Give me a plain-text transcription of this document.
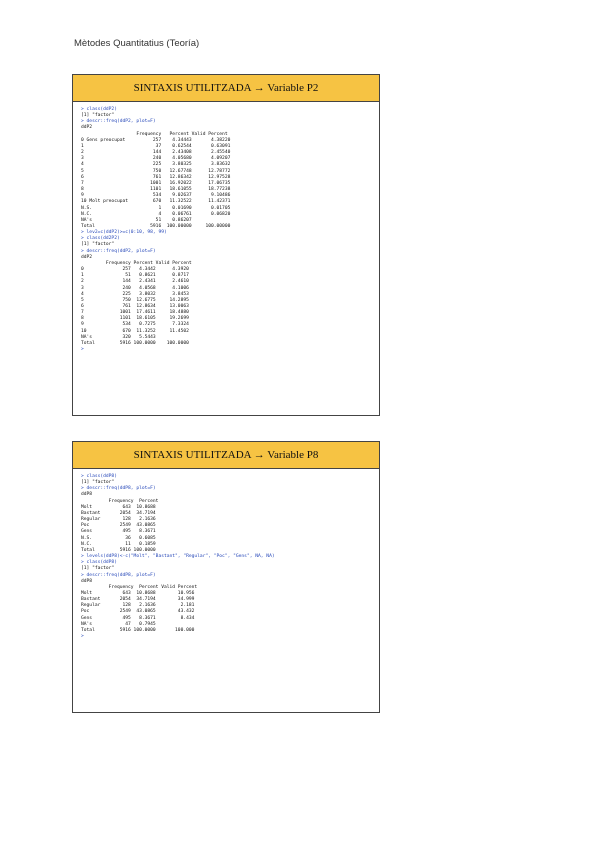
Mètodes Quantitatius (Teoría)
SINTAXIS UTILITZADA → Variable P2
> class(ddP2)
[1] "factor"
> descr::freq(ddP2, plot=F)
ddP2
Frequency   Percent Valid Percent
0 Gens preocupat          257    4.34443       4.38220
1                          37    0.62544       0.63091
2                         144    2.43408       2.45540
3                         240    4.05680       4.09207
4                         225    3.80325       3.83632
5                         750   12.67748      12.78772
6                         761   12.86342      12.97528
7                        1001   16.92022      17.06735
8                        1101   18.61055      18.77238
9                         534    9.02637       9.10486
10 Molt preocupat         670   11.32522      11.42371
N.S.                        1    0.01690       0.01705
N.C.                        4    0.06761       0.06820
NA's                       51    0.86207
Total                    5916  100.00000     100.00000
> lev2=c(ddP2)>=c(0:10, 98, 99)
> class(dd2P2)
[1] "factor"
> descr::freq(ddP2, plot=F)
ddP2
Frequency Percent Valid Percent
0              257   4.3442      4.3920
1               51   0.8621      0.8717
2              144   2.4341      2.4610
3              240   4.0568      4.1006
4              225   3.8032      3.8453
5              750  12.6775     14.2895
6              761  12.8634     13.0063
7             1001  17.4611     18.4880
8             1101  18.6105     19.2699
9              534   0.7275      7.3324
10             670  11.3252     11.4502
NA's           320   5.5443
Total         5916 100.0000    100.0000
>
SINTAXIS UTILITZADA → Variable P8
> class(ddP8)
[1] "factor"
> descr::freq(ddP8, plot=F)
ddP8
Frequency  Percent
Molt           643  10.8688
Bastant       2054  34.7194
Regular        128   2.1636
Poc           2549  43.0865
Gens           495   8.3671
N.S.            36   0.6085
N.C.            11   0.1859
Total         5916 100.0000
> levels(ddP8)<-c("Molt", "Bastant", "Regular", "Poc", "Gens", NA, NA)
> class(ddP8)
[1] "factor"
> descr::freq(ddP8, plot=F)
ddP8
Frequency  Percent Valid Percent
Molt           643  10.8688        10.956
Bastant       2054  34.7194        34.999
Regular        128   2.1636         2.181
Poc           2549  43.0865        43.432
Gens           495   8.3671         8.434
NA's            47   0.7945
Total         5916 100.0000       100.000
>
